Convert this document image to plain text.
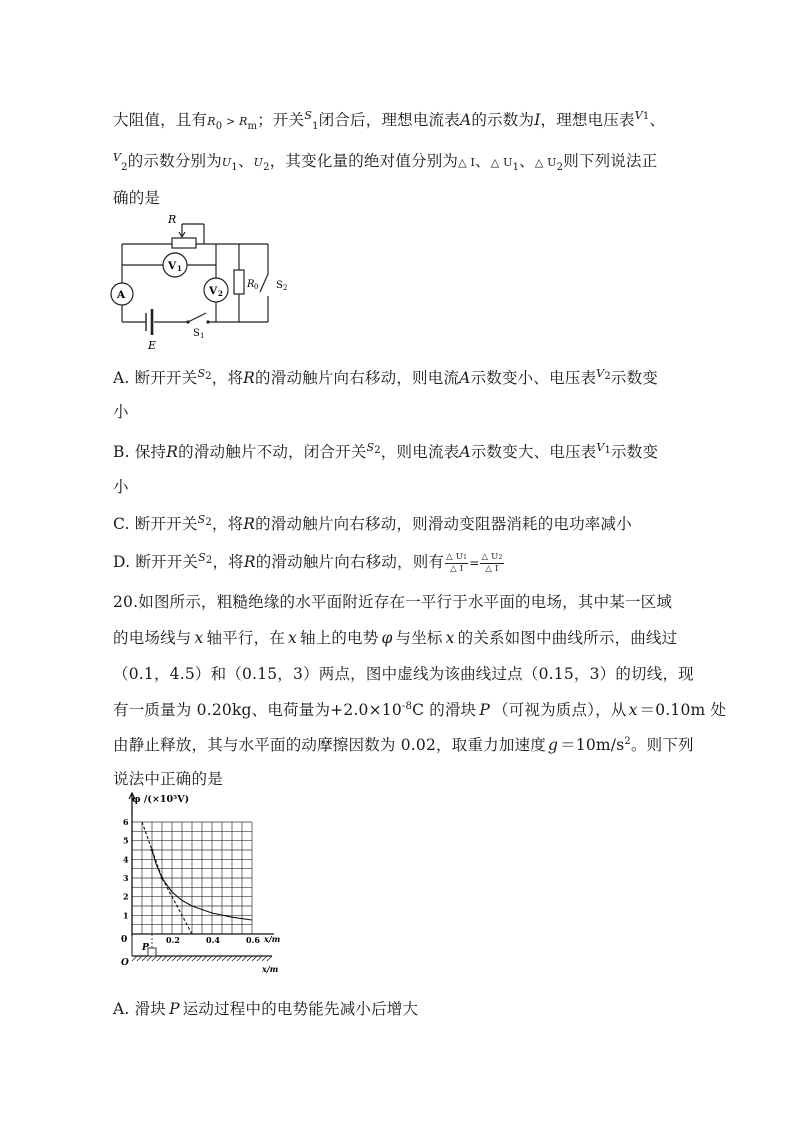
大阻值，且有$R_0 > R_m$；开关$^S_1$闭合后，理想电流表A的示数为I，理想电压表$^V_1$、
$^V_2$的示数分别为$U_1$、$U_2$，其变化量的绝对值分别为△ I、△ $U_1$、△ $U_2$则下列说法正
确的是
R
V 1
V 2
A
R 0 S 2
S 1
E
A. 断开开关$^S_2$，将R的滑动触片向右移动，则电流A示数变小、电压表$^V_2$示数变
小
B. 保持R的滑动触片不动，闭合开关$^S_2$，则电流表A示数变大、电压表$^V_1$示数变
小
C. 断开开关$^S_2$，将R的滑动触片向右移动，则滑动变阻器消耗的电功率减小
D. 断开开关$^S_2$，将R的滑动触片向右移动，则有 $\frac{\triangle U1}{\triangle I} = \frac{\triangle U2}{\triangle I}$
20.如图所示，粗糙绝缘的水平面附近存在一平行于水平面的电场，其中某一区域
的电场线与 x 轴平行，在 x 轴上的电势 φ 与坐标 x 的关系如图中曲线所示，曲线过
（0.1，4.5）和（0.15，3）两点，图中虚线为该曲线过点（0.15，3）的切线，现
有一质量为 0.20kg、电荷量为$+2.0\times 10^{-8}C$ 的滑块 P （可视为质点），从 x ＝0.10m 处
由静止释放，其与水平面的动摩擦因数为 0.02，取重力加速度 $g =10m/s^2$。则下列
说法中正确的是
0.2	0.4	0.6
1
2
3
4
5
6
φ /(×10⁵V)
x/m
0
O
P
x/m
A. 滑块 P 运动过程中的电势能先减小后增大
